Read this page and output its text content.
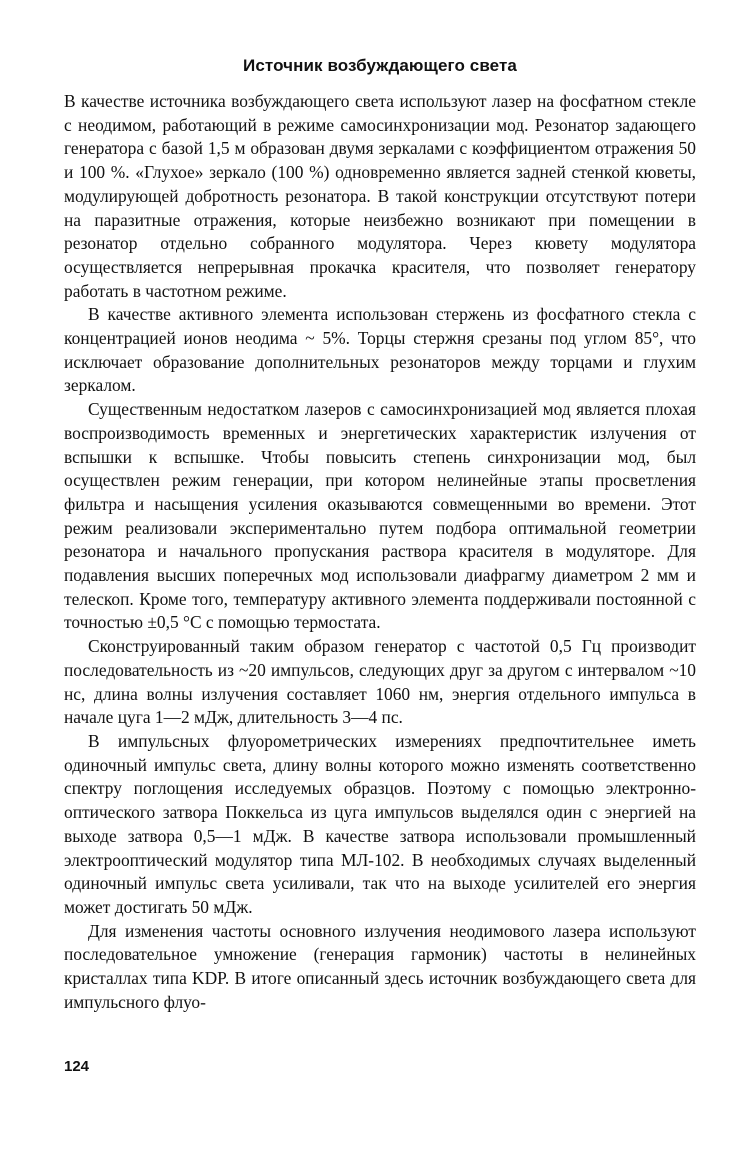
Источник возбуждающего света

В качестве источника возбуждающего света используют лазер на фосфатном стекле с неодимом, работающий в режиме самосинхронизации мод. Резонатор задающего генератора с базой 1,5 м образован двумя зеркалами с коэффициентом отражения 50 и 100 %. «Глухое» зеркало (100 %) одновременно является задней стенкой кюветы, модулирующей добротность резонатора. В такой конструкции отсутствуют потери на паразитные отражения, которые неизбежно возникают при помещении в резонатор отдельно собранного модулятора. Через кювету модулятора осуществляется непрерывная прокачка красителя, что позволяет генератору работать в частотном режиме.

В качестве активного элемента использован стержень из фосфатного стекла с концентрацией ионов неодима ~ 5%. Торцы стержня срезаны под углом 85°, что исключает образование дополнительных резонаторов между торцами и глухим зеркалом.

Существенным недостатком лазеров с самосинхронизацией мод является плохая воспроизводимость временных и энергетических характеристик излучения от вспышки к вспышке. Чтобы повысить степень синхронизации мод, был осуществлен режим генерации, при котором нелинейные этапы просветления фильтра и насыщения усиления оказываются совмещенными во времени. Этот режим реализовали экспериментально путем подбора оптимальной геометрии резонатора и начального пропускания раствора красителя в модуляторе. Для подавления высших поперечных мод использовали диафрагму диаметром 2 мм и телескоп. Кроме того, температуру активного элемента поддерживали постоянной с точностью ±0,5 °С с помощью термостата.

Сконструированный таким образом генератор с частотой 0,5 Гц производит последовательность из ~20 импульсов, следующих друг за другом с интервалом ~10 нс, длина волны излучения составляет 1060 нм, энергия отдельного импульса в начале цуга 1—2 мДж, длительность 3—4 пс.

В импульсных флуорометрических измерениях предпочтительнее иметь одиночный импульс света, длину волны которого можно изменять соответственно спектру поглощения исследуемых образцов. Поэтому с помощью электронно-оптического затвора Поккельса из цуга импульсов выделялся один с энергией на выходе затвора 0,5—1 мДж. В качестве затвора использовали промышленный электрооптический модулятор типа МЛ-102. В необходимых случаях выделенный одиночный импульс света усиливали, так что на выходе усилителей его энергия может достигать 50 мДж.

Для изменения частоты основного излучения неодимового лазера используют последовательное умножение (генерация гармоник) частоты в нелинейных кристаллах типа KDP. В итоге описанный здесь источник возбуждающего света для импульсного флуо-

124
